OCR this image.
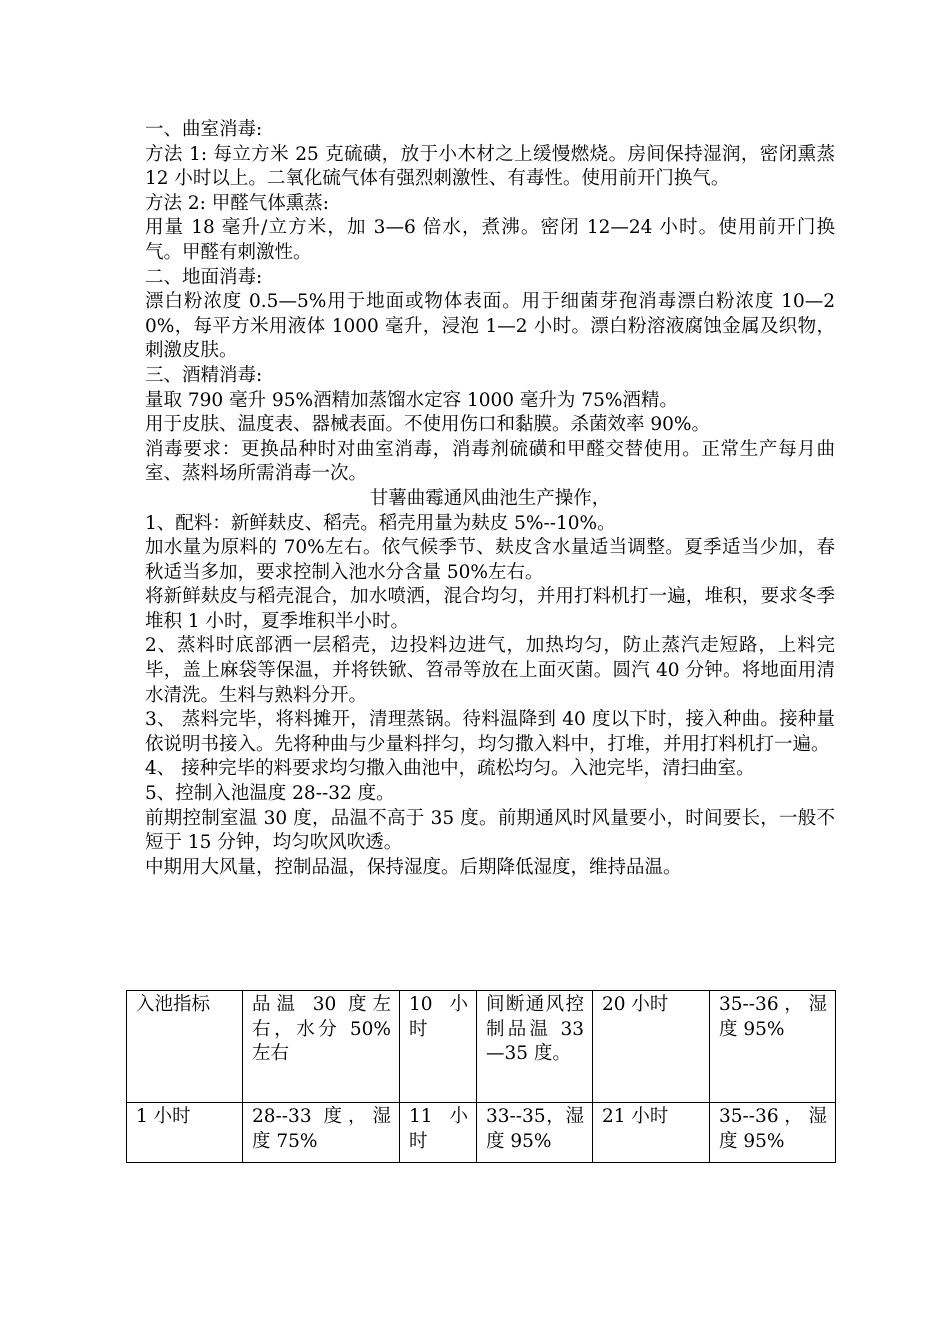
一、曲室消毒:

方法 1: 每立方米 25 克硫磺，放于小木材之上缓慢燃烧。房间保持湿润，密闭熏蒸 12 小时以上。二氧化硫气体有强烈刺激性、有毒性。使用前开门换气。

方法 2: 甲醛气体熏蒸:

用量 18 毫升/立方米，加 3—6 倍水，煮沸。密闭 12—24 小时。使用前开门换气。甲醛有刺激性。

二、地面消毒:

漂白粉浓度 0.5—5%用于地面或物体表面。用于细菌芽孢消毒漂白粉浓度 10—20%，每平方米用液体 1000 毫升，浸泡 1—2 小时。漂白粉溶液腐蚀金属及织物，刺激皮肤。

三、酒精消毒:

量取 790 毫升 95%酒精加蒸馏水定容 1000 毫升为 75%酒精。

用于皮肤、温度表、器械表面。不使用伤口和黏膜。杀菌效率 90%。

消毒要求：更换品种时对曲室消毒，消毒剂硫磺和甲醛交替使用。正常生产每月曲室、蒸料场所需消毒一次。

甘薯曲霉通风曲池生产操作，

1、配料：新鲜麸皮、稻壳。稻壳用量为麸皮 5%--10%。

加水量为原料的 70%左右。依气候季节、麸皮含水量适当调整。夏季适当少加，春秋适当多加，要求控制入池水分含量 50%左右。

将新鲜麸皮与稻壳混合，加水喷洒，混合均匀，并用打料机打一遍，堆积，要求冬季堆积 1 小时，夏季堆积半小时。

2、蒸料时底部洒一层稻壳，边投料边进气，加热均匀，防止蒸汽走短路，上料完毕，盖上麻袋等保温，并将铁锨、笤帚等放在上面灭菌。圆汽 40 分钟。将地面用清水清洗。生料与熟料分开。

3、 蒸料完毕，将料摊开，清理蒸锅。待料温降到 40 度以下时，接入种曲。接种量依说明书接入。先将种曲与少量料拌匀，均匀撒入料中，打堆，并用打料机打一遍。

4、 接种完毕的料要求均匀撒入曲池中，疏松均匀。入池完毕，清扫曲室。

5、控制入池温度 28--32 度。

前期控制室温 30 度，品温不高于 35 度。前期通风时风量要小，时间要长，一般不短于 15 分钟，均匀吹风吹透。

中期用大风量，控制品温，保持湿度。后期降低湿度，维持品温。

入池指标	品温 30 度左右，水分 50%左右	10 小时	间断通风控制品温 33—35 度。	20 小时	35--36，湿度 95%
1 小时	28--33 度，湿度 75%	11 小时	33--35，湿度 95%	21 小时	35--36，湿度 95%
